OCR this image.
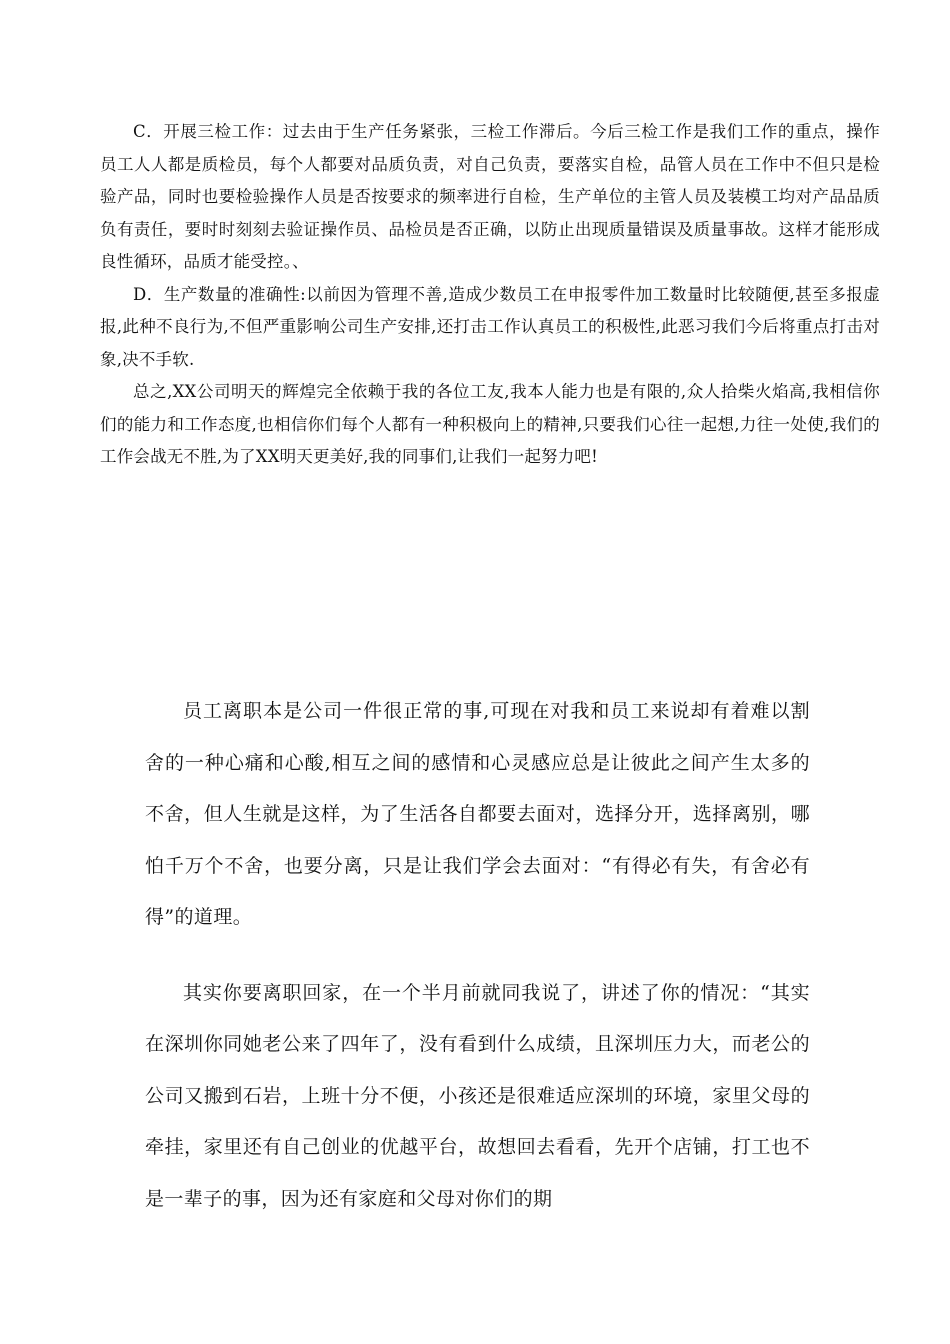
C．开展三检工作：过去由于生产任务紧张，三检工作滞后。今后三检工作是我们工作的重点，操作员工人人都是质检员，每个人都要对品质负责，对自己负责，要落实自检，品管人员在工作中不但只是检验产品，同时也要检验操作人员是否按要求的频率进行自检，生产单位的主管人员及装模工均对产品品质负有责任，要时时刻刻去验证操作员、品检员是否正确，以防止出现质量错误及质量事故。这样才能形成良性循环，品质才能受控。、

D．生产数量的准确性:以前因为管理不善,造成少数员工在申报零件加工数量时比较随便,甚至多报虚报,此种不良行为,不但严重影响公司生产安排,还打击工作认真员工的积极性,此恶习我们今后将重点打击对象,决不手软.

总之,XX公司明天的辉煌完全依赖于我的各位工友,我本人能力也是有限的,众人拾柴火焰高,我相信你们的能力和工作态度,也相信你们每个人都有一种积极向上的精神,只要我们心往一起想,力往一处使,我们的工作会战无不胜,为了XX明天更美好,我的同事们,让我们一起努力吧!

员工离职本是公司一件很正常的事,可现在对我和员工来说却有着难以割舍的一种心痛和心酸,相互之间的感情和心灵感应总是让彼此之间产生太多的不舍，但人生就是这样，为了生活各自都要去面对，选择分开，选择离别，哪怕千万个不舍，也要分离，只是让我们学会去面对：“有得必有失，有舍必有得”的道理。

其实你要离职回家，在一个半月前就同我说了，讲述了你的情况：“其实在深圳你同她老公来了四年了，没有看到什么成绩，且深圳压力大，而老公的公司又搬到石岩，上班十分不便，小孩还是很难适应深圳的环境，家里父母的牵挂，家里还有自己创业的优越平台，故想回去看看，先开个店铺，打工也不是一辈子的事，因为还有家庭和父母对你们的期
